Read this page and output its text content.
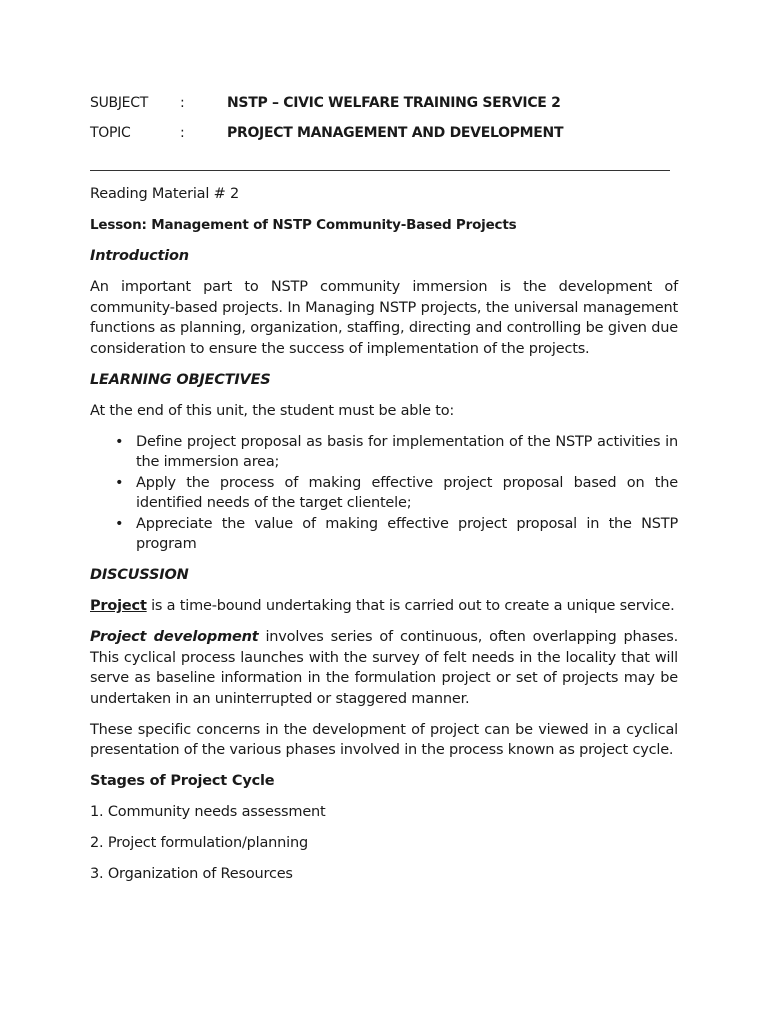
SUBJECT :	NSTP – CIVIC WELFARE TRAINING SERVICE 2
TOPIC	:	PROJECT MANAGEMENT AND DEVELOPMENT

Reading Material # 2

Lesson: Management of NSTP Community-Based Projects

Introduction

An important part to NSTP community immersion is the development of community-based projects. In Managing NSTP projects, the universal management functions as planning, organization, staffing, directing and controlling be given due consideration to ensure the success of implementation of the projects.

LEARNING OBJECTIVES

At the end of this unit, the student must be able to:

• Define project proposal as basis for implementation of the NSTP activities in the immersion area;
• Apply the process of making effective project proposal based on the identified needs of the target clientele;
• Appreciate the value of making effective project proposal in the NSTP program

DISCUSSION

Project is a time-bound undertaking that is carried out to create a unique service.

Project development involves series of continuous, often overlapping phases. This cyclical process launches with the survey of felt needs in the locality that will serve as baseline information in the formulation project or set of projects may be undertaken in an uninterrupted or staggered manner.

These specific concerns in the development of project can be viewed in a cyclical presentation of the various phases involved in the process known as project cycle.

Stages of Project Cycle

1. Community needs assessment

2. Project formulation/planning

3. Organization of Resources
